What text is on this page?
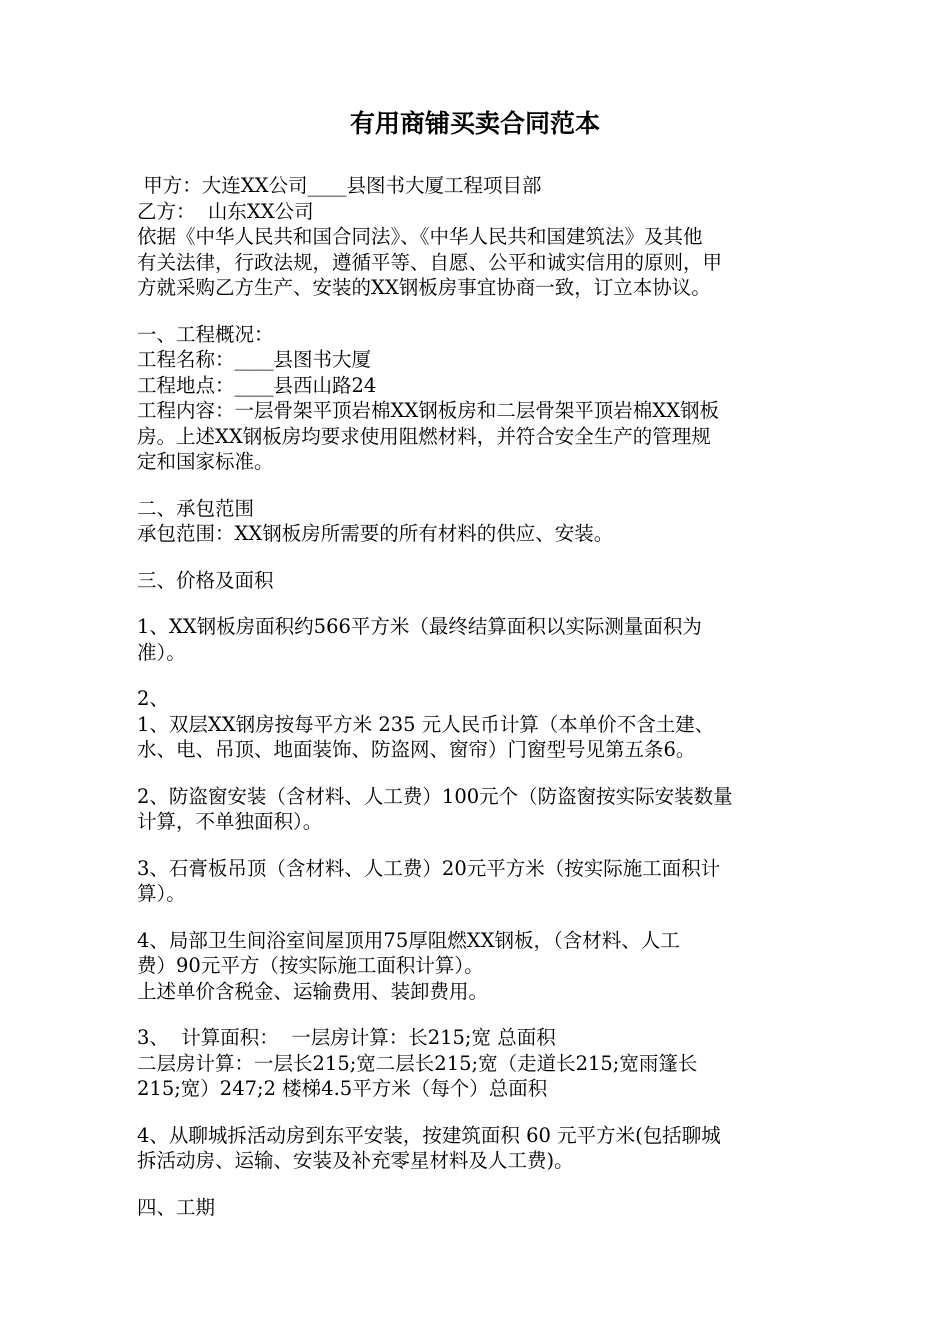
有用商铺买卖合同范本
甲方：大连XX公司____县图书大厦工程项目部
乙方：  山东XX公司
依据《中华人民共和国合同法》、《中华人民共和国建筑法》及其他
有关法律，行政法规，遵循平等、自愿、公平和诚实信用的原则，甲
方就采购乙方生产、安装的XX钢板房事宜协商一致，订立本协议。
一、工程概况：
工程名称：____县图书大厦
工程地点：____县西山路24
工程内容：一层骨架平顶岩棉XX钢板房和二层骨架平顶岩棉XX钢板
房。上述XX钢板房均要求使用阻燃材料，并符合安全生产的管理规
定和国家标准。
二、承包范围
承包范围：XX钢板房所需要的所有材料的供应、安装。
三、价格及面积
1、XX钢板房面积约566平方米（最终结算面积以实际测量面积为
准）。
2、
1、双层XX钢房按每平方米 235 元人民币计算（本单价不含土建、
水、电、吊顶、地面装饰、防盗网、窗帘）门窗型号见第五条6。
2、防盗窗安装（含材料、人工费）100元个（防盗窗按实际安装数量
计算，不单独面积）。
3、石膏板吊顶（含材料、人工费）20元平方米（按实际施工面积计
算）。
4、局部卫生间浴室间屋顶用75厚阻燃XX钢板，（含材料、人工
费）90元平方（按实际施工面积计算）。
上述单价含税金、运输费用、装卸费用。
3、  计算面积：  一层房计算：长215;宽 总面积
二层房计算：一层长215;宽二层长215;宽（走道长215;宽雨篷长
215;宽）247;2 楼梯4.5平方米（每个）总面积
4、从聊城拆活动房到东平安装，按建筑面积 60 元平方米(包括聊城
拆活动房、运输、安装及补充零星材料及人工费)。
四、工期
